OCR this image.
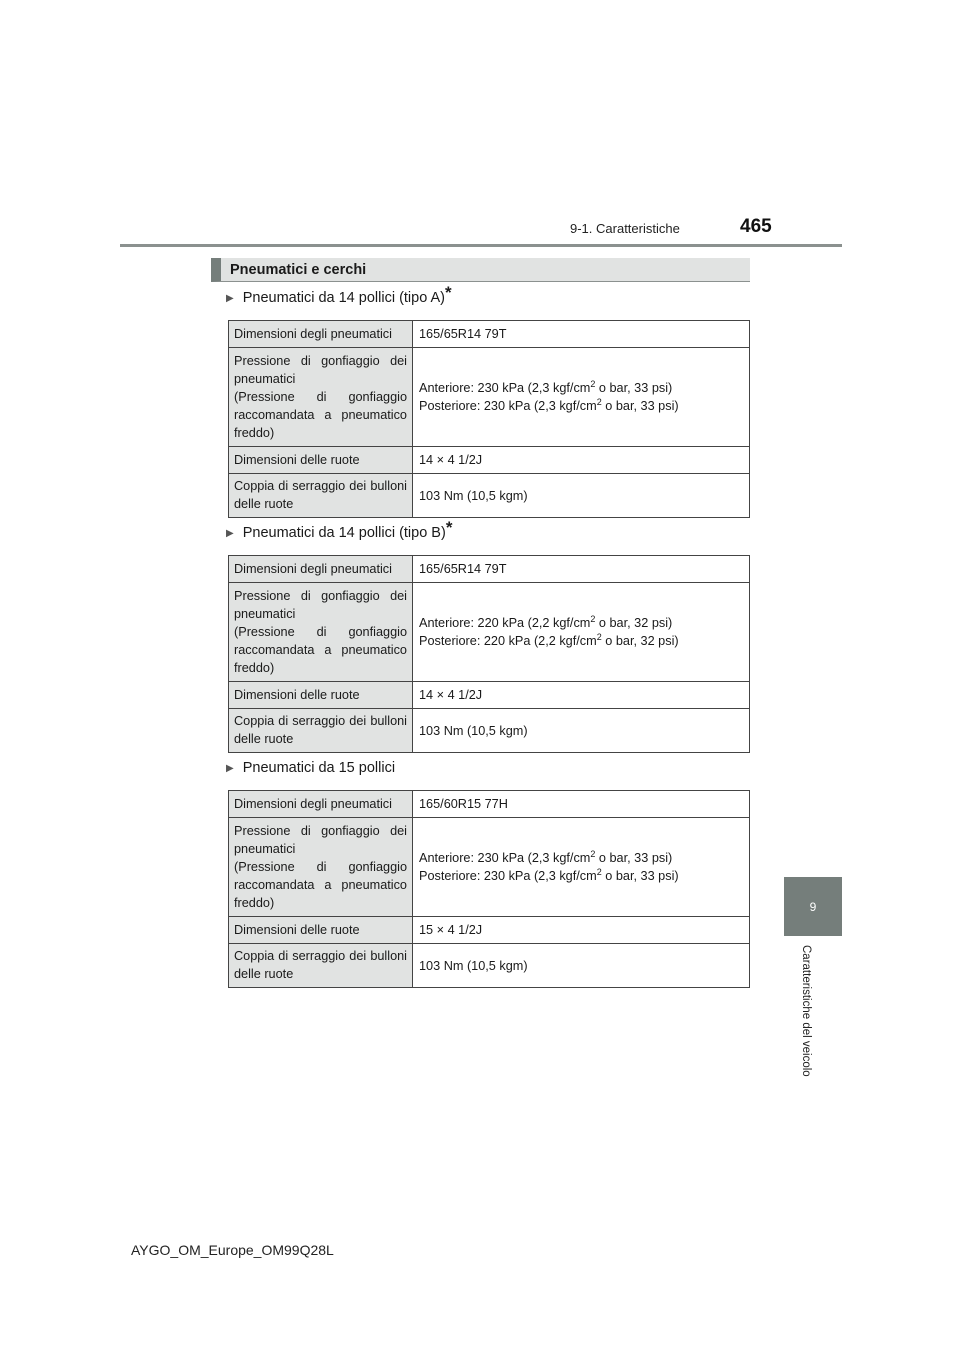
9-1. Caratteristiche	465
9
Caratteristiche del veicolo
Pneumatici e cerchi
▶ Pneumatici da 14 pollici (tipo A)*
Dimensioni degli pneumatici	165/65R14 79T
Pressione di gonfiaggio dei pneumatici
(Pressione di gonfiaggio raccomandata a pneumatico freddo)	Anteriore: 230 kPa (2,3 kgf/$cm^2$ o bar, 33 psi)
Posteriore: 230 kPa (2,3 kgf/$cm^2$ o bar, 33 psi)
Dimensioni delle ruote	14 × 4 1/2J
Coppia di serraggio dei bulloni delle ruote	103 Nm (10,5 kgm)
▶ Pneumatici da 14 pollici (tipo B)*
Dimensioni degli pneumatici	165/65R14 79T
Pressione di gonfiaggio dei pneumatici
(Pressione di gonfiaggio raccomandata a pneumatico freddo)	Anteriore: 220 kPa (2,2 kgf/$cm^2$ o bar, 32 psi)
Posteriore: 220 kPa (2,2 kgf/$cm^2$ o bar, 32 psi)
Dimensioni delle ruote	14 × 4 1/2J
Coppia di serraggio dei bulloni delle ruote	103 Nm (10,5 kgm)
▶ Pneumatici da 15 pollici
Dimensioni degli pneumatici	165/60R15 77H
Pressione di gonfiaggio dei pneumatici
(Pressione di gonfiaggio raccomandata a pneumatico freddo)	Anteriore: 230 kPa (2,3 kgf/$cm^2$ o bar, 33 psi)
Posteriore: 230 kPa (2,3 kgf/$cm^2$ o bar, 33 psi)
Dimensioni delle ruote	15 × 4 1/2J
Coppia di serraggio dei bulloni delle ruote	103 Nm (10,5 kgm)
AYGO_OM_Europe_OM99Q28L
